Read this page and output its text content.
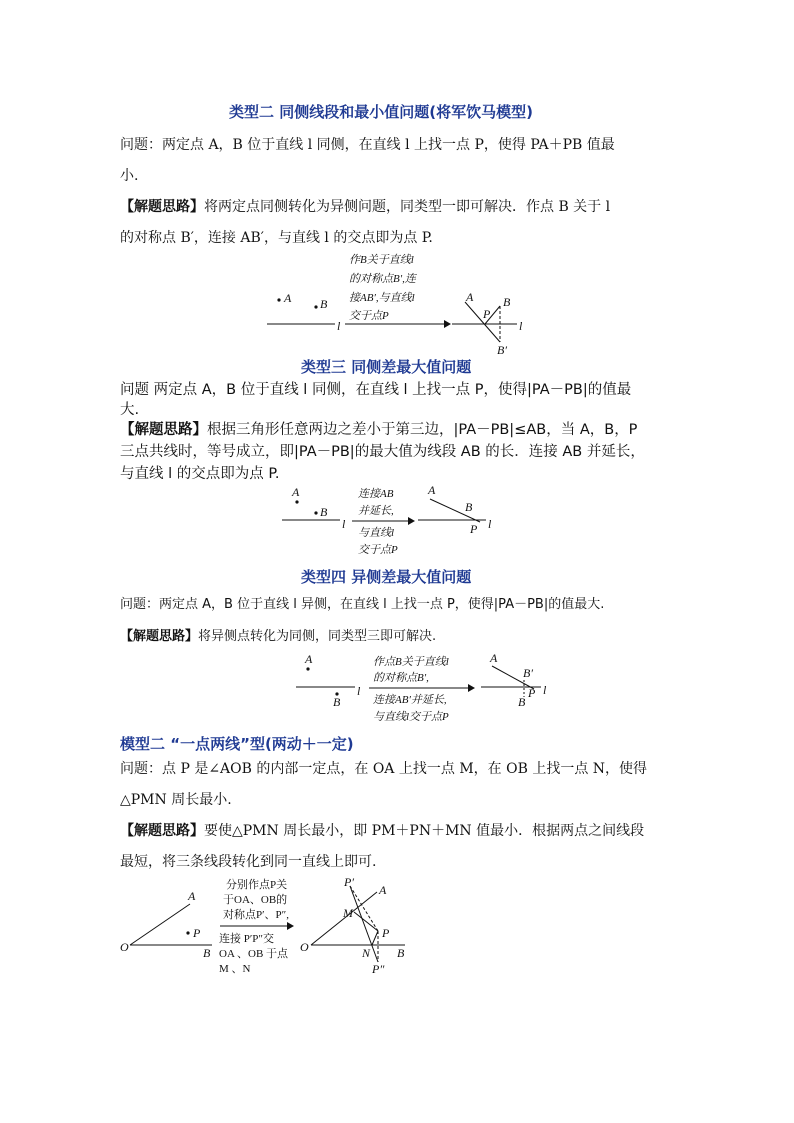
类型二 同侧线段和最小值问题(将军饮马模型)
问题：两定点 A，B 位于直线 l 同侧，在直线 l 上找一点 P，使得 PA＋PB 值最
小.
【解题思路】将两定点同侧转化为异侧问题，同类型一即可解决．作点 B 关于 l
的对称点 B′，连接 AB′，与直线 l 的交点即为点 P.
A B
l
作B关于直线l
的对称点B′,连
接AB′,与直线l
交于点P
A B
P
l
B′
类型三 同侧差最大值问题
问题 两定点 A，B 位于直线 l 同侧，在直线 l 上找一点 P，使得|PA－PB|的值最
大.
【解题思路】根据三角形任意两边之差小于第三边，|PA－PB|≤AB，当 A，B，P
三点共线时，等号成立，即|PA－PB|的最大值为线段 AB 的长．连接 AB 并延长，
与直线 l 的交点即为点 P.
A
B
l
连接AB
并延长,
与直线l
交于点P
A
B
P l
类型四 异侧差最大值问题
问题：两定点 A，B 位于直线 l 异侧，在直线 l 上找一点 P，使得|PA－PB|的值最大.
【解题思路】将异侧点转化为同侧，同类型三即可解决.
A
B
l
作点B关于直线l
的对称点B′,
连接AB′并延长,
与直线l交于点P
A
B′
P
B
l
模型二 “一点两线”型(两动＋一定)
问题：点 P 是∠AOB 的内部一定点，在 OA 上找一点 M，在 OB 上找一点 N，使得
△PMN 周长最小.
【解题思路】要使△PMN 周长最小，即 PM＋PN＋MN 值最小．根据两点之间线段
最短，将三条线段转化到同一直线上即可.
O
A
P
B
分别作点P关
于OA、OB的
对称点P′、P″,
连接 P′P″交
OA 、OB 于点
M 、N
O
P′
A
M
P
N B
P″
